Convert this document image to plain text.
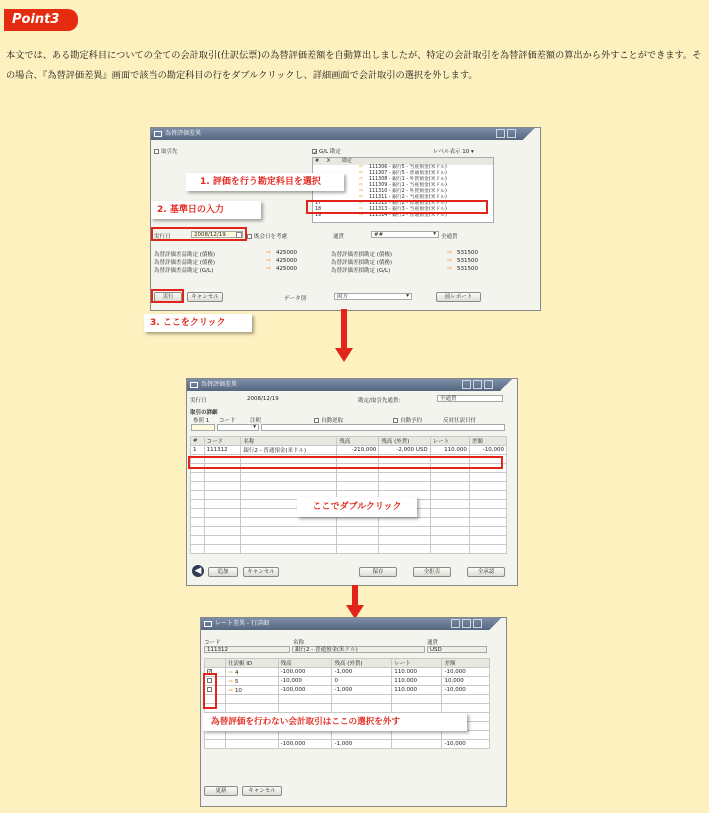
Point3

本文では、ある勘定科目についての全ての会計取引(仕訳伝票)の為替評価差額を自動算出しましたが、特定の会計取引を為替評価差額の算出から外すことができます。その場合、『為替評価差異』画面で該当の勘定科目の行をダブルクリックし、詳細画面で会計取引の選択を外します。

為替評価差異
取引先	✓G/L 勘定	レベル表示 10 ▾
# X 勘定
⇨ 111306 - 銀行5 - 当座預金(米ドル)
⇨ 111307 - 銀行5 - 普通預金(米ドル)
⇨ 111308 - 銀行1 - 外貨預金(米ドル)
⇨ 111309 - 銀行1 - 当座預金(米ドル)
⇨ 111310 - 銀行2 - 外貨預金(米ドル)
⇨ 111311 - 銀行2 - 当座預金(米ドル)
17	⇨ 111312 - 銀行2 - 普通預金(米ドル)
18	⇨ 111313 - 銀行3 - 当座預金(米ドル)
19	⇨ 111314 - 銀行3 - 普通預金(米ドル)
実行日	2008/12/19	既会日を考慮	通貨	##	▾ 全通貨
為替評価差益勘定 (債権)	⇨ 425000
為替評価差益勘定 (債務)	⇨ 425000
為替評価差益勘定 (G/L)	⇨ 425000
為替評価差損勘定 (債権)	⇨ 531500
為替評価差損勘定 (債務)	⇨ 531500
為替評価差損勘定 (G/L)	⇨ 531500
実行	キャンセル	データ別	両方	▾	前レポート
1. 評価を行う勘定科目を選択
2. 基準日の入力
3. ここをクリック
為替評価差異
実行日	2008/12/19	勘定/取引先通貨:	全通貨
取引の詳細
参照 1 コード	注釈	自動逆取	自動予約	反対仕訳日付
▾
#	コード	名称	残高	残高 (外貨)	レート	差額
1	111312	銀行2 - 普通預金(米ドル)	-210,000	-2,000 USD	110.000	-10,000

◀	追加	キャンセル	保存	全拒否	全承認
ここでダブルクリック
レート差異 - 行詳細
コード	名称	通貨
111312	銀行2 - 普通預金(米ドル)	USD
	仕訳帳 ID	残高	残高 (外貨)	レート	差額
✓	⇨ 4	-100,000	-1,000	110.000	-10,000
	⇨ 5	-10,000	0	110.000	10,000
	⇨ 10	-100,000	-1,000	110.000	-10,000

		-100,000	-1,000		-10,000
更新	キャンセル
為替評価を行わない会計取引はここの選択を外す
